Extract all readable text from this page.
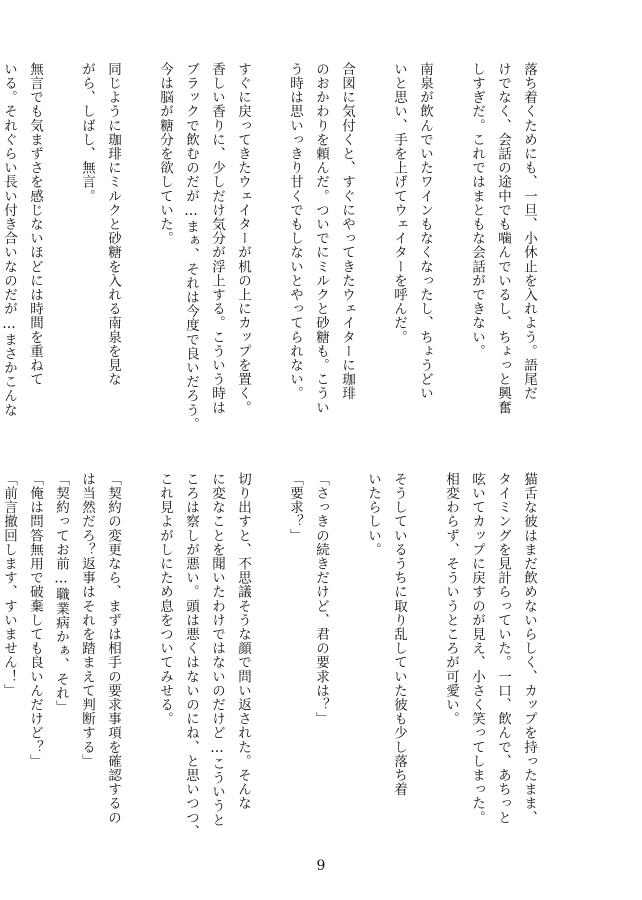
落ち着くためにも、一旦、小休止を入れよう。語尾だ
けでなく、会話の途中でも噛んでいるし、ちょっと興奮
しすぎだ。これではまともな会話ができない。

南泉が飲んでいたワインもなくなったし、ちょうどい
いと思い、手を上げてウェイターを呼んだ。

合図に気付くと、すぐにやってきたウェイターに珈琲
のおかわりを頼んだ。ついでにミルクと砂糖も。こうい
う時は思いっきり甘くでもしないとやってられない。

すぐに戻ってきたウェイターが机の上にカップを置く。
香しい香りに、少しだけ気分が浮上する。こういう時は
ブラックで飲むのだが…まぁ、それは今度で良いだろう。
今は脳が糖分を欲していた。

同じように珈琲にミルクと砂糖を入れる南泉を見な
がら、しばし、無言。

無言でも気まずさを感じないほどには時間を重ねて
いる。それぐらい長い付き合いなのだが…まさかこんな
猫舌な彼はまだ飲めないらしく、カップを持ったまま、
タイミングを見計らっていた。一口、飲んで、あちっと
呟いてカップに戻すのが見え、小さく笑ってしまった。
相変わらず、そういうところが可愛い。

そうしているうちに取り乱していた彼も少し落ち着
いたらしい。

「さっきの続きだけど、君の要求は？」
「要求？」

切り出すと、不思議そうな顔で問い返された。そんな
に変なことを聞いたわけではないのだけど…こういうと
ころは察しが悪い。頭は悪くはないのにね、と思いつつ、
これ見よがしにため息をついてみせる。

「契約の変更なら、まずは相手の要求事項を確認するの
は当然だろ？返事はそれを踏まえて判断する」
「契約ってお前…職業病かぁ、それ」
「俺は問答無用で破棄しても良いんだけど？」
「前言撤回します、すいません！」
9
